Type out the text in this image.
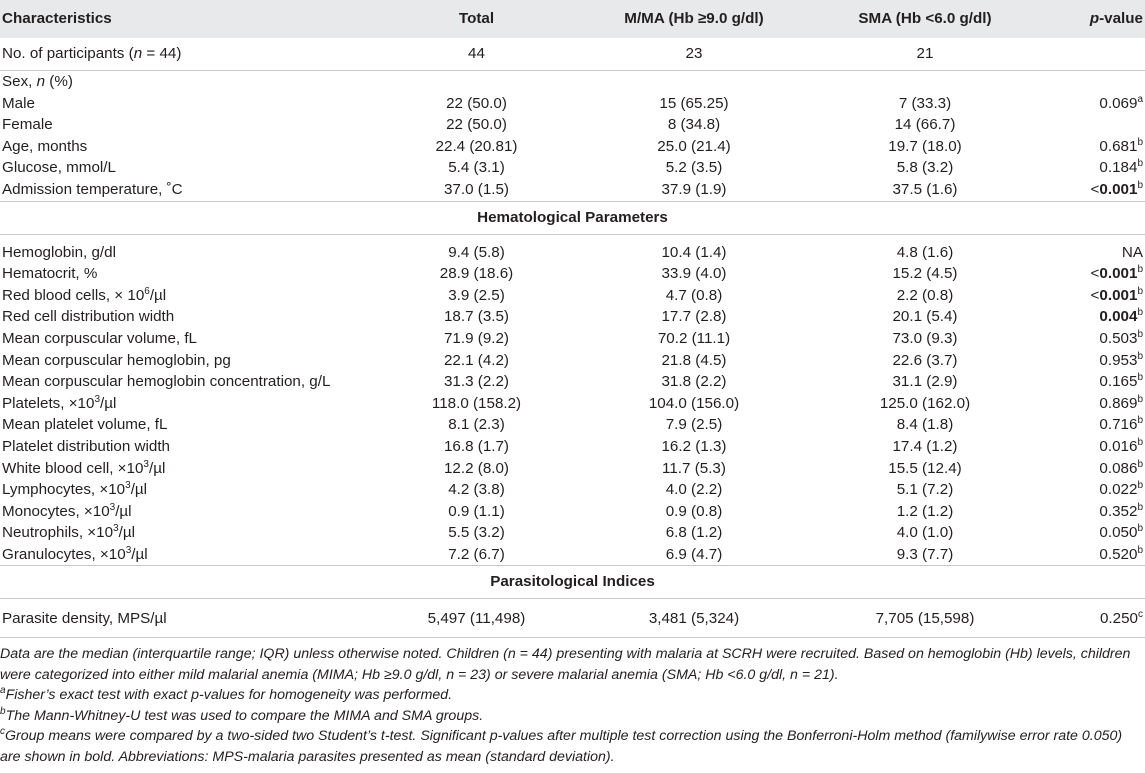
Characteristics	Total	M/MA (Hb ≥9.0 g/dl)	SMA (Hb <6.0 g/dl)	p-value
No. of participants (n = 44)	44	23	21	
Sex, n (%)				
Male	22 (50.0)	15 (65.25)	7 (33.3)	0.069$^a$
Female	22 (50.0)	8 (34.8)	14 (66.7)	
Age, months	22.4 (20.81)	25.0 (21.4)	19.7 (18.0)	0.681$^b$
Glucose, mmol/L	5.4 (3.1)	5.2 (3.5)	5.8 (3.2)	0.184$^b$
Admission temperature, ˚C	37.0 (1.5)	37.9 (1.9)	37.5 (1.6)	<0.001$^b$
Hematological Parameters				

Hemoglobin, g/dl	9.4 (5.8)	10.4 (1.4)	4.8 (1.6)	NA
Hematocrit, %	28.9 (18.6)	33.9 (4.0)	15.2 (4.5)	<0.001$^b$
Red blood cells, × $10^6/\mu l$	3.9 (2.5)	4.7 (0.8)	2.2 (0.8)	<0.001$^b$
Red cell distribution width	18.7 (3.5)	17.7 (2.8)	20.1 (5.4)	0.004$^b$
Mean corpuscular volume, fL	71.9 (9.2)	70.2 (11.1)	73.0 (9.3)	0.503$^b$
Mean corpuscular hemoglobin, pg	22.1 (4.2)	21.8 (4.5)	22.6 (3.7)	0.953$^b$
Mean corpuscular hemoglobin concentration, g/L	31.3 (2.2)	31.8 (2.2)	31.1 (2.9)	0.165$^b$
Platelets, $\times 10^3/\mu l$	118.0 (158.2)	104.0 (156.0)	125.0 (162.0)	0.869$^b$
Mean platelet volume, fL	8.1 (2.3)	7.9 (2.5)	8.4 (1.8)	0.716$^b$
Platelet distribution width	16.8 (1.7)	16.2 (1.3)	17.4 (1.2)	0.016$^b$
White blood cell, $\times 10^3/\mu l$	12.2 (8.0)	11.7 (5.3)	15.5 (12.4)	0.086$^b$
Lymphocytes, $\times 10^3/\mu l$	4.2 (3.8)	4.0 (2.2)	5.1 (7.2)	0.022$^b$
Monocytes, $\times 10^3/\mu l$	0.9 (1.1)	0.9 (0.8)	1.2 (1.2)	0.352$^b$
Neutrophils, $\times 10^3/\mu l$	5.5 (3.2)	6.8 (1.2)	4.0 (1.0)	0.050$^b$
Granulocytes, $\times 10^3/\mu l$	7.2 (6.7)	6.9 (4.7)	9.3 (7.7)	0.520$^b$
Parasitological Indices				
Parasite density, MPS/µl	5,497 (11,498)	3,481 (5,324)	7,705 (15,598)	0.250$^c$

Data are the median (interquartile range; IQR) unless otherwise noted. Children (n = 44) presenting with malaria at SCRH were recruited. Based on hemoglobin (Hb) levels, children were categorized into either mild malarial anemia (MIMA; Hb ≥9.0 g/dl, n = 23) or severe malarial anemia (SMA; Hb <6.0 g/dl, n = 21).

$^a$Fisher’s exact test with exact p-values for homogeneity was performed.

$^b$The Mann-Whitney-U test was used to compare the MIMA and SMA groups.

$^c$Group means were compared by a two-sided two Student’s t-test. Significant p-values after multiple test correction using the Bonferroni-Holm method (familywise error rate 0.050) are shown in bold. Abbreviations: MPS-malaria parasites presented as mean (standard deviation).
